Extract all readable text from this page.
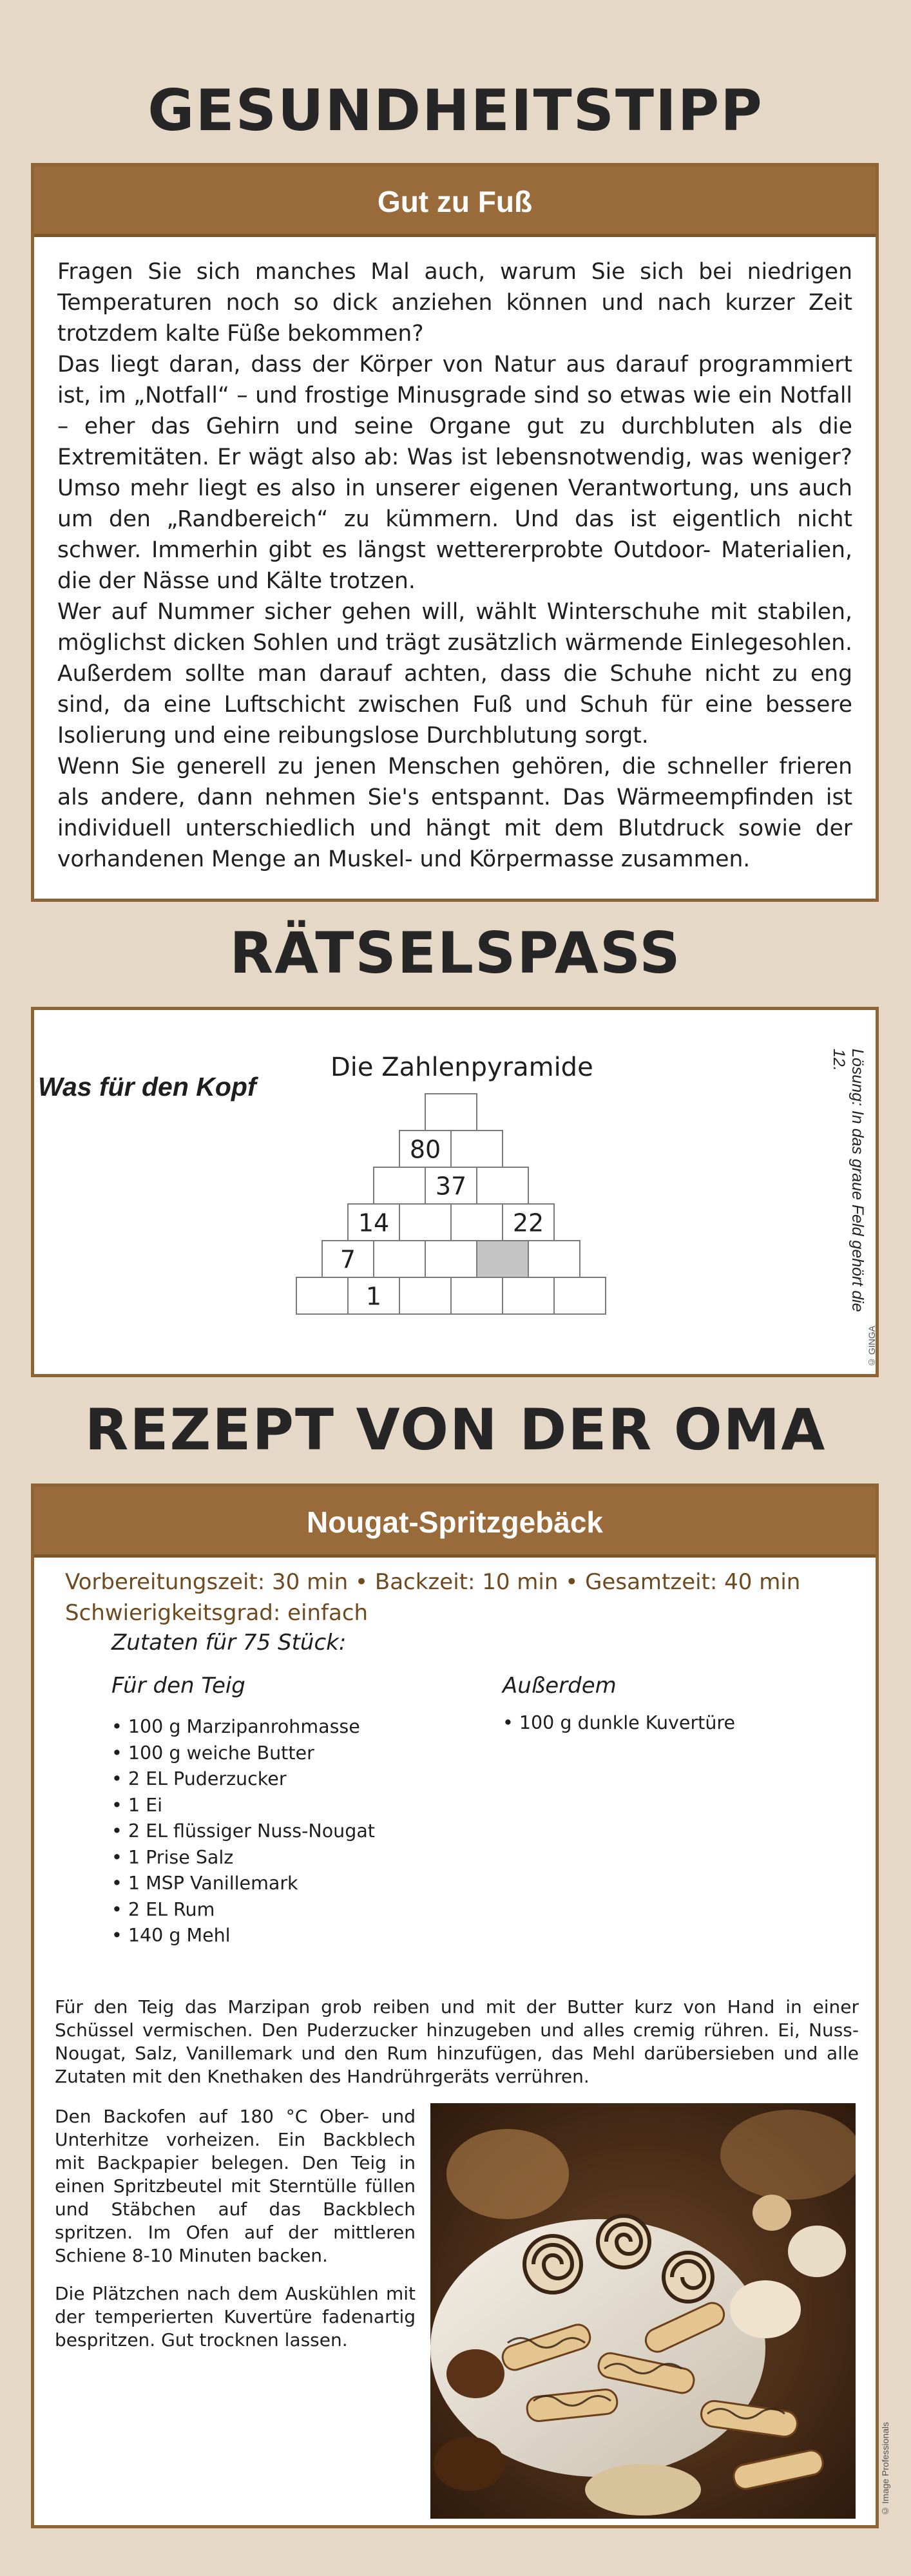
GESUNDHEITSTIPP
Gut zu Fuß

Fragen Sie sich manches Mal auch, warum Sie sich bei niedrigen Temperaturen noch so dick anziehen können und nach kurzer Zeit trotzdem kalte Füße bekommen?

Das liegt daran, dass der Körper von Natur aus darauf programmiert ist, im „Notfall“ – und frostige Minusgrade sind so etwas wie ein Notfall – eher das Gehirn und seine Organe gut zu durchbluten als die Extremitäten. Er wägt also ab: Was ist lebensnotwendig, was weniger? Umso mehr liegt es also in unserer eigenen Verantwortung, uns auch um den „Randbereich“ zu kümmern. Und das ist eigentlich nicht schwer. Immerhin gibt es längst wettererprobte Outdoor- Materialien, die der Nässe und Kälte trotzen.

Wer auf Nummer sicher gehen will, wählt Winterschuhe mit stabilen, möglichst dicken Sohlen und trägt zusätzlich wärmende Einlegesohlen. Außerdem sollte man darauf achten, dass die Schuhe nicht zu eng sind, da eine Luftschicht zwischen Fuß und Schuh für eine bessere Isolierung und eine reibungslose Durchblutung sorgt.

Wenn Sie generell zu jenen Menschen gehören, die schneller frieren als andere, dann nehmen Sie's entspannt. Das Wärmeempfinden ist individuell unterschiedlich und hängt mit dem Blutdruck sowie der vorhandenen Menge an Muskel- und Körpermasse zusammen.

RÄTSELSPASS
Was für den Kopf
Die Zahlenpyramide
80
37
14	22
7
1	Lösung: In das graue Feld gehört die 12.
© GINGA
REZEPT VON DER OMA
Nougat-Spritzgebäck
Vorbereitungszeit: 30 min • Backzeit: 10 min • Gesamtzeit: 40 min
Schwierigkeitsgrad: einfach
Zutaten für 75 Stück:
Für den Teig
• 100 g Marzipanrohmasse
• 100 g weiche Butter
• 2 EL Puderzucker
• 1 Ei
• 2 EL flüssiger Nuss-Nougat
• 1 Prise Salz
• 1 MSP Vanillemark
• 2 EL Rum
• 140 g Mehl
Außerdem
• 100 g dunkle Kuvertüre
Für den Teig das Marzipan grob reiben und mit der Butter kurz von Hand in einer Schüssel vermischen. Den Puderzucker hinzugeben und alles cremig rühren. Ei, Nuss-Nougat, Salz, Vanillemark und den Rum hinzufügen, das Mehl darübersieben und alle Zutaten mit den Knethaken des Handrührgeräts verrühren.
Den Backofen auf 180 °C Ober- und Unterhitze vorheizen. Ein Backblech mit Backpapier belegen. Den Teig in einen Spritzbeutel mit Sterntülle füllen und Stäbchen auf das Backblech spritzen. Im Ofen auf der mittleren Schiene 8-10 Minuten backen.
Die Plätzchen nach dem Auskühlen mit der temperierten Kuvertüre fadenartig bespritzen. Gut trocknen lassen.
© Image Professionals
